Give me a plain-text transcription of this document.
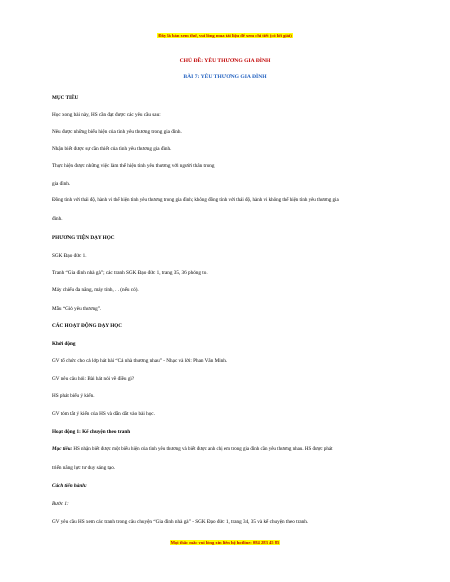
Đây là bản xem thử, vui lòng mua tài liệu để xem chi tiết (có lời giải)
CHỦ ĐỀ: YÊU THƯƠNG GIA ĐÌNH
BÀI 7: YÊU THƯƠNG GIA ĐÌNH
MỤC TIÊU
Học xong bài này, HS cần đạt được các yêu cầu sau:
Nêu được những biểu hiện của tình yêu thương trong gia đình.
Nhận biết được sự cần thiết của tình yêu thương gia đình.
Thực hiện được những việc làm thể hiện tình yêu thương với người thân trong
gia đình.
Đồng tình với thái độ, hành vi thể hiện tình yêu thương trong gia đình; không đồng tình với thái độ, hành vi không thể hiện tình yêu thương gia
đình.
PHƯƠNG TIỆN DẠY HỌC
SGK Đạo đức 1.
Tranh “Gia đình nhà gà”; các tranh SGK Đạo đức 1, trang 35, 36 phóng to.
Máy chiếu đa năng, máy tính, . . (nếu có).
Mẫu “Giỏ yêu thương”.
CÁC HOẠT ĐỘNG DẠY HỌC
Khởi động
GV tổ chức cho cả lớp hát bài “Cả nhà thương nhau” - Nhạc và lời: Phan Văn Minh.
GV nêu câu hỏi: Bài hát nói về điều gì?
HS phát biểu ý kiến.
GV tóm tắt ý kiến của HS và dẫn dắt vào bài học.
Hoạt động 1: Kể chuyện theo tranh
Mục tiêu: HS nhận biết được một biểu hiện của tình yêu thương và biết được anh chị em trong gia đình cần yêu thương nhau. HS được phát
triển năng lực tư duy sáng tạo.
Cách tiến hành:
Bước 1:
GV yêu cầu HS xem các tranh trong câu chuyện “Gia đình nhà gà” - SGK Đạo đức 1, trang 34, 35 và kể chuyện theo tranh.
Mọi thắc mắc vui lòng xin liên hệ hotline: 084 283 45 85
